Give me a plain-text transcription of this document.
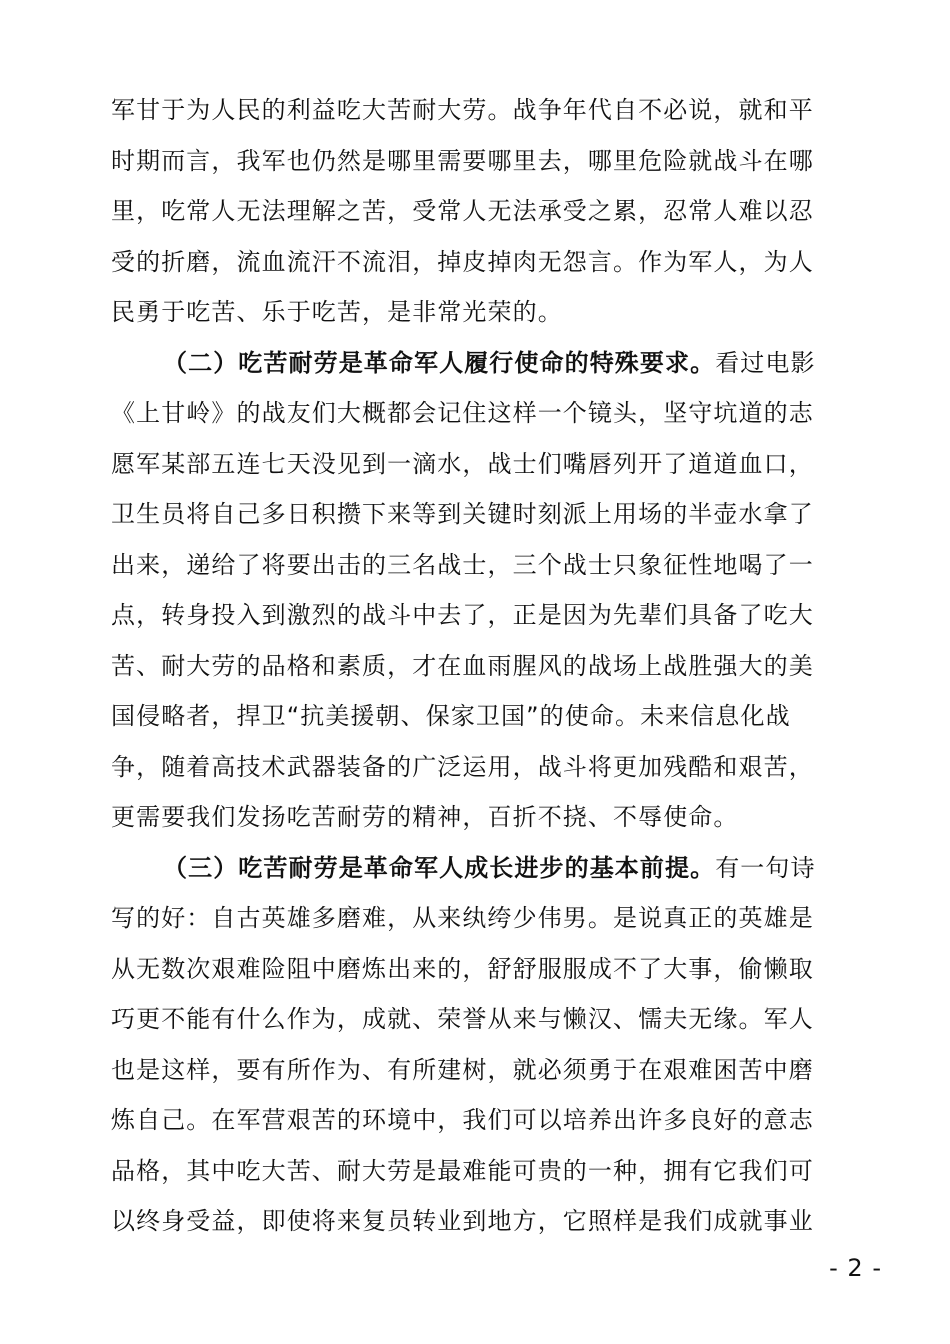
军甘于为人民的利益吃大苦耐大劳。战争年代自不必说，就和平
时期而言，我军也仍然是哪里需要哪里去，哪里危险就战斗在哪
里，吃常人无法理解之苦，受常人无法承受之累，忍常人难以忍
受的折磨，流血流汗不流泪，掉皮掉肉无怨言。作为军人，为人
民勇于吃苦、乐于吃苦，是非常光荣的。
（二）吃苦耐劳是革命军人履行使命的特殊要求。看过电影
《上甘岭》的战友们大概都会记住这样一个镜头，坚守坑道的志
愿军某部五连七天没见到一滴水，战士们嘴唇列开了道道血口，
卫生员将自己多日积攒下来等到关键时刻派上用场的半壶水拿了
出来，递给了将要出击的三名战士，三个战士只象征性地喝了一
点，转身投入到激烈的战斗中去了，正是因为先辈们具备了吃大
苦、耐大劳的品格和素质，才在血雨腥风的战场上战胜强大的美
国侵略者，捍卫“抗美援朝、保家卫国”的使命。未来信息化战
争，随着高技术武器装备的广泛运用，战斗将更加残酷和艰苦，
更需要我们发扬吃苦耐劳的精神，百折不挠、不辱使命。
（三）吃苦耐劳是革命军人成长进步的基本前提。有一句诗
写的好：自古英雄多磨难，从来纨绔少伟男。是说真正的英雄是
从无数次艰难险阻中磨炼出来的，舒舒服服成不了大事，偷懒取
巧更不能有什么作为，成就、荣誉从来与懒汉、懦夫无缘。军人
也是这样，要有所作为、有所建树，就必须勇于在艰难困苦中磨
炼自己。在军营艰苦的环境中，我们可以培养出许多良好的意志
品格，其中吃大苦、耐大劳是最难能可贵的一种，拥有它我们可
以终身受益，即使将来复员转业到地方，它照样是我们成就事业
- 2 -
